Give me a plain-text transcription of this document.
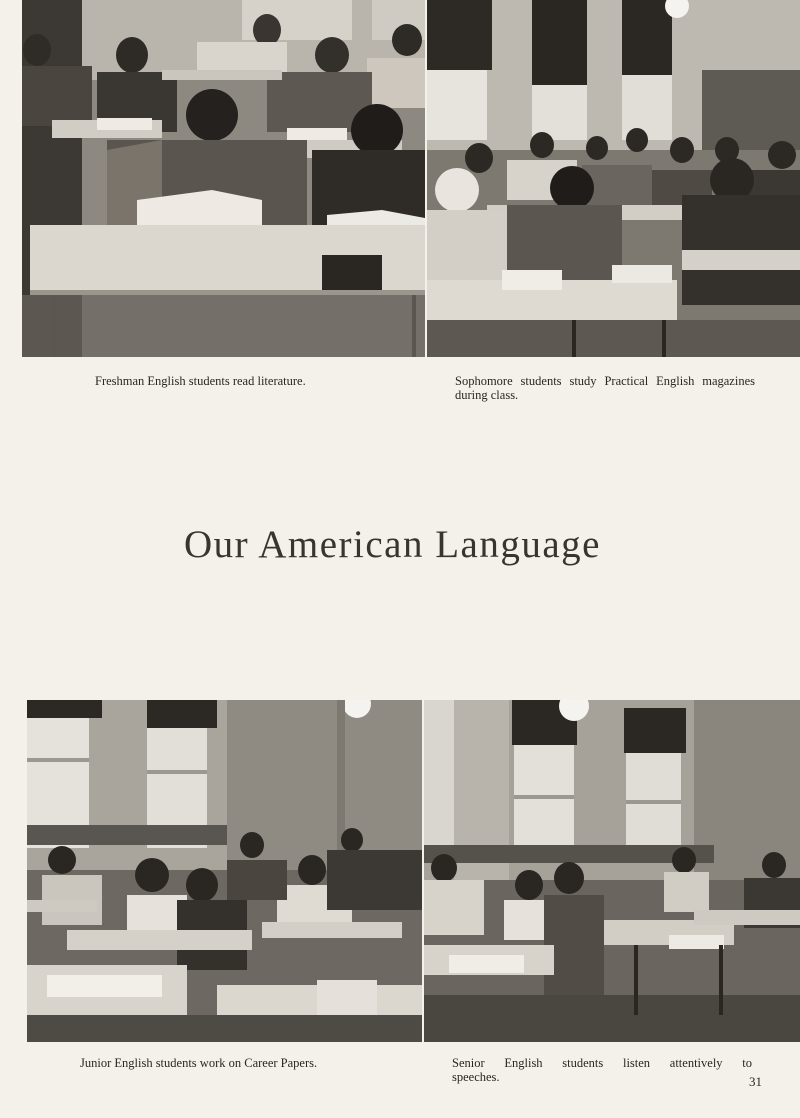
Freshman English students read literature.	Sophomore students study Practical English magazines during class.
Our American Language
Junior English students work on Career Papers.	Senior English students listen attentively to speeches.	31
